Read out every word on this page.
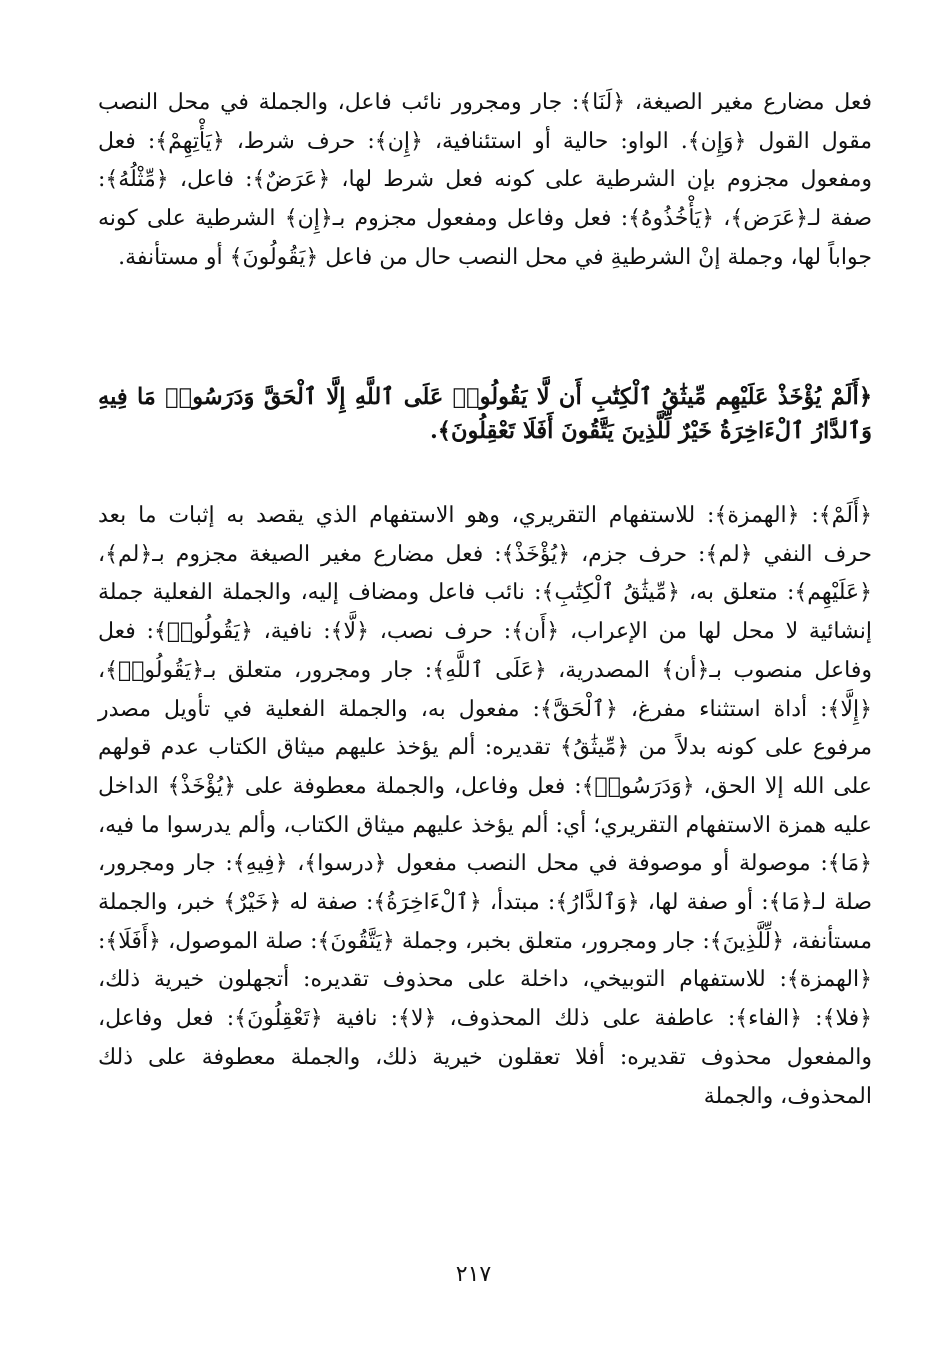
فعل مضارع مغير الصيغة، ﴿لَنَا﴾: جار ومجرور نائب فاعل، والجملة في محل النصب مقول القول ﴿وَإِن﴾. الواو: حالية أو استئنافية، ﴿إِن﴾: حرف شرط، ﴿يَأْتِهِمْ﴾: فعل ومفعول مجزوم بإن الشرطية على كونه فعل شرط لها، ﴿عَرَضٌ﴾: فاعل، ﴿مِّثْلُهُ﴾: صفة لـ﴿عَرَض﴾، ﴿يَأْخُذُوهُ﴾: فعل وفاعل ومفعول مجزوم بـ﴿إِن﴾ الشرطية على كونه جواباً لها، وجملة إنْ الشرطيةِ في محل النصب حال من فاعل ﴿يَقُولُونَ﴾ أو مستأنفة.

﴿أَلَمْ يُؤْخَذْ عَلَيْهِم مِّيثَٰقُ ٱلْكِتَٰبِ أَن لَّا يَقُولُوا۟ عَلَى ٱللَّهِ إِلَّا ٱلْحَقَّ وَدَرَسُوا۟ مَا فِيهِ وَٱلدَّارُ ٱلْءَاخِرَةُ خَيْرٌ لِّلَّذِينَ يَتَّقُونَ أَفَلَا تَعْقِلُونَ﴾.

﴿أَلَمْ﴾: ﴿الهمزة﴾: للاستفهام التقريري، وهو الاستفهام الذي يقصد به إثبات ما بعد حرف النفي ﴿لم﴾: حرف جزم، ﴿يُؤْخَذْ﴾: فعل مضارع مغير الصيغة مجزوم بـ﴿لم﴾، ﴿عَلَيْهِم﴾: متعلق به، ﴿مِّيثَٰقُ ٱلْكِتَٰبِ﴾: نائب فاعل ومضاف إليه، والجملة الفعلية جملة إنشائية لا محل لها من الإعراب، ﴿أَن﴾: حرف نصب، ﴿لَّا﴾: نافية، ﴿يَقُولُوا۟﴾: فعل وفاعل منصوب بـ﴿أن﴾ المصدرية، ﴿عَلَى ٱللَّهِ﴾: جار ومجرور، متعلق بـ﴿يَقُولُوا۟﴾، ﴿إِلَّا﴾: أداة استثناء مفرغ، ﴿ٱلْحَقَّ﴾: مفعول به، والجملة الفعلية في تأويل مصدر مرفوع على كونه بدلاً من ﴿مِّيثَٰقُ﴾ تقديره: ألم يؤخذ عليهم ميثاق الكتاب عدم قولهم على الله إلا الحق، ﴿وَدَرَسُوا۟﴾: فعل وفاعل، والجملة معطوفة على ﴿يُؤْخَذْ﴾ الداخل عليه همزة الاستفهام التقريري؛ أي: ألم يؤخذ عليهم ميثاق الكتاب، وألم يدرسوا ما فيه، ﴿مَا﴾: موصولة أو موصوفة في محل النصب مفعول ﴿درسوا﴾، ﴿فِيهِ﴾: جار ومجرور، صلة لـ﴿مَا﴾: أو صفة لها، ﴿وَٱلدَّارُ﴾: مبتدأ، ﴿ٱلْءَاخِرَةُ﴾: صفة له ﴿خَيْرٌ﴾ خبر، والجملة مستأنفة، ﴿لِّلَّذِينَ﴾: جار ومجرور، متعلق بخبر، وجملة ﴿يَتَّقُونَ﴾: صلة الموصول، ﴿أَفَلَا﴾: ﴿الهمزة﴾: للاستفهام التوبيخي، داخلة على محذوف تقديره: أتجهلون خيرية ذلك، ﴿فلا﴾: ﴿الفاء﴾: عاطفة على ذلك المحذوف، ﴿لا﴾: نافية ﴿تَعْقِلُونَ﴾: فعل وفاعل، والمفعول محذوف تقديره: أفلا تعقلون خيرية ذلك، والجملة معطوفة على ذلك المحذوف، والجملة

٢١٧
